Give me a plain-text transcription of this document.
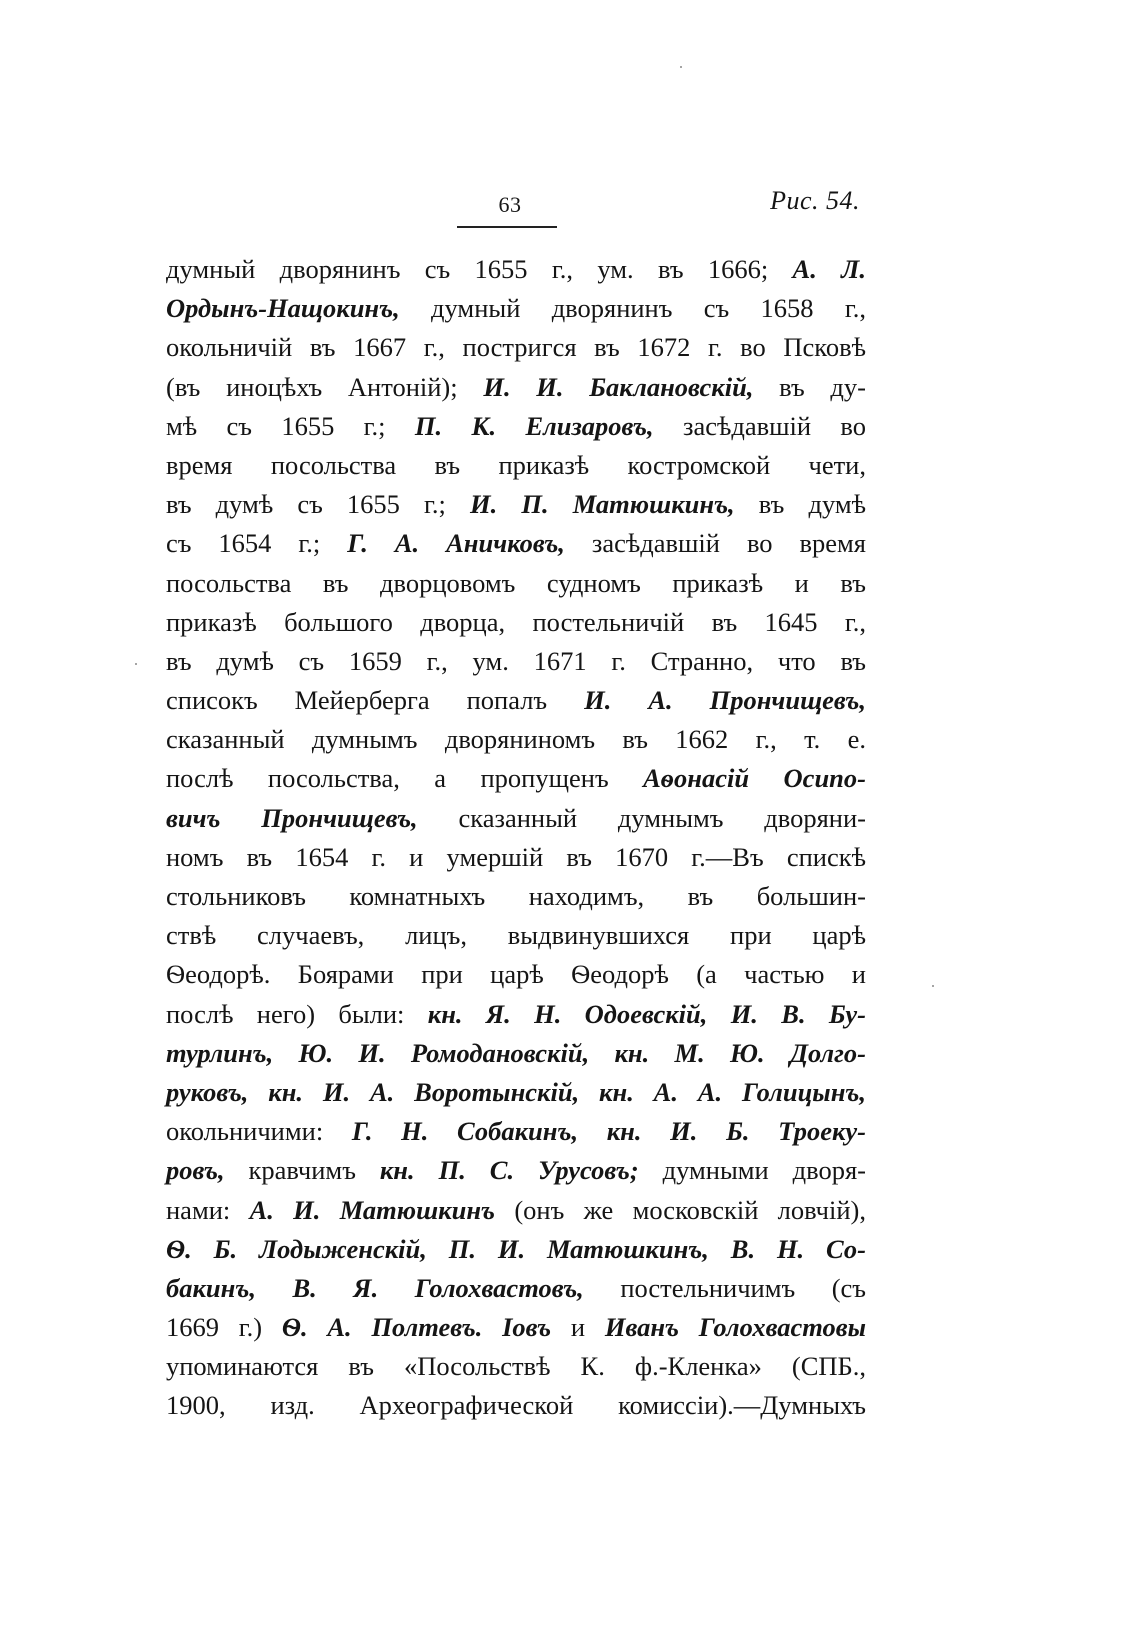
63	Рис. 54.
думный дворянинъ съ 1655 г., ум. въ 1666; А. Л.
Ордынъ-Нащокинъ, думный дворянинъ съ 1658 г.,
окольничiй въ 1667 г., постригся въ 1672 г. во Псковѣ
(въ иноцѣхъ Антонiй); И. И. Баклановскiй, въ ду-
мѣ съ 1655 г.; П. К. Елизаровъ, засѣдавшiй во
время посольства въ приказѣ костромской чети,
въ думѣ съ 1655 г.; И. П. Матюшкинъ, въ думѣ
съ 1654 г.; Г. А. Аничковъ, засѣдавшiй во время
посольства въ дворцовомъ судномъ приказѣ и въ
приказѣ большого дворца, постельничiй въ 1645 г.,
въ думѣ съ 1659 г., ум. 1671 г. Странно, что въ
списокъ Мейерберга попалъ И. А. Прончищевъ,
сказанный думнымъ дворяниномъ въ 1662 г., т. е.
послѣ посольства, а пропущенъ Аѳонасiй Осипо-
вичъ Прончищевъ, сказанный думнымъ дворяни-
номъ въ 1654 г. и умершiй въ 1670 г.—Въ спискѣ
стольниковъ комнатныхъ находимъ, въ большин-
ствѣ случаевъ, лицъ, выдвинувшихся при царѣ
Ѳеодорѣ. Боярами при царѣ Ѳеодорѣ (а частью и
послѣ него) были: кн. Я. Н. Одоевскiй, И. В. Бу-
турлинъ, Ю. И. Ромодановскiй, кн. М. Ю. Долго-
руковъ, кн. И. А. Воротынскiй, кн. А. А. Голицынъ,
окольничими: Г. Н. Собакинъ, кн. И. Б. Троеку-
ровъ, кравчимъ кн. П. С. Урусовъ; думными дворя-
нами: А. И. Матюшкинъ (онъ же московскiй ловчiй),
Ѳ. Б. Лодыженскiй, П. И. Матюшкинъ, В. Н. Со-
бакинъ, В. Я. Голохвастовъ, постельничимъ (съ
1669 г.) Ѳ. А. Полтевъ. Iовъ и Иванъ Голохвастовы
упоминаются въ «Посольствѣ К. ф.-Кленка» (СПБ.,
1900, изд. Археографической комиссiи).—Думныхъ
